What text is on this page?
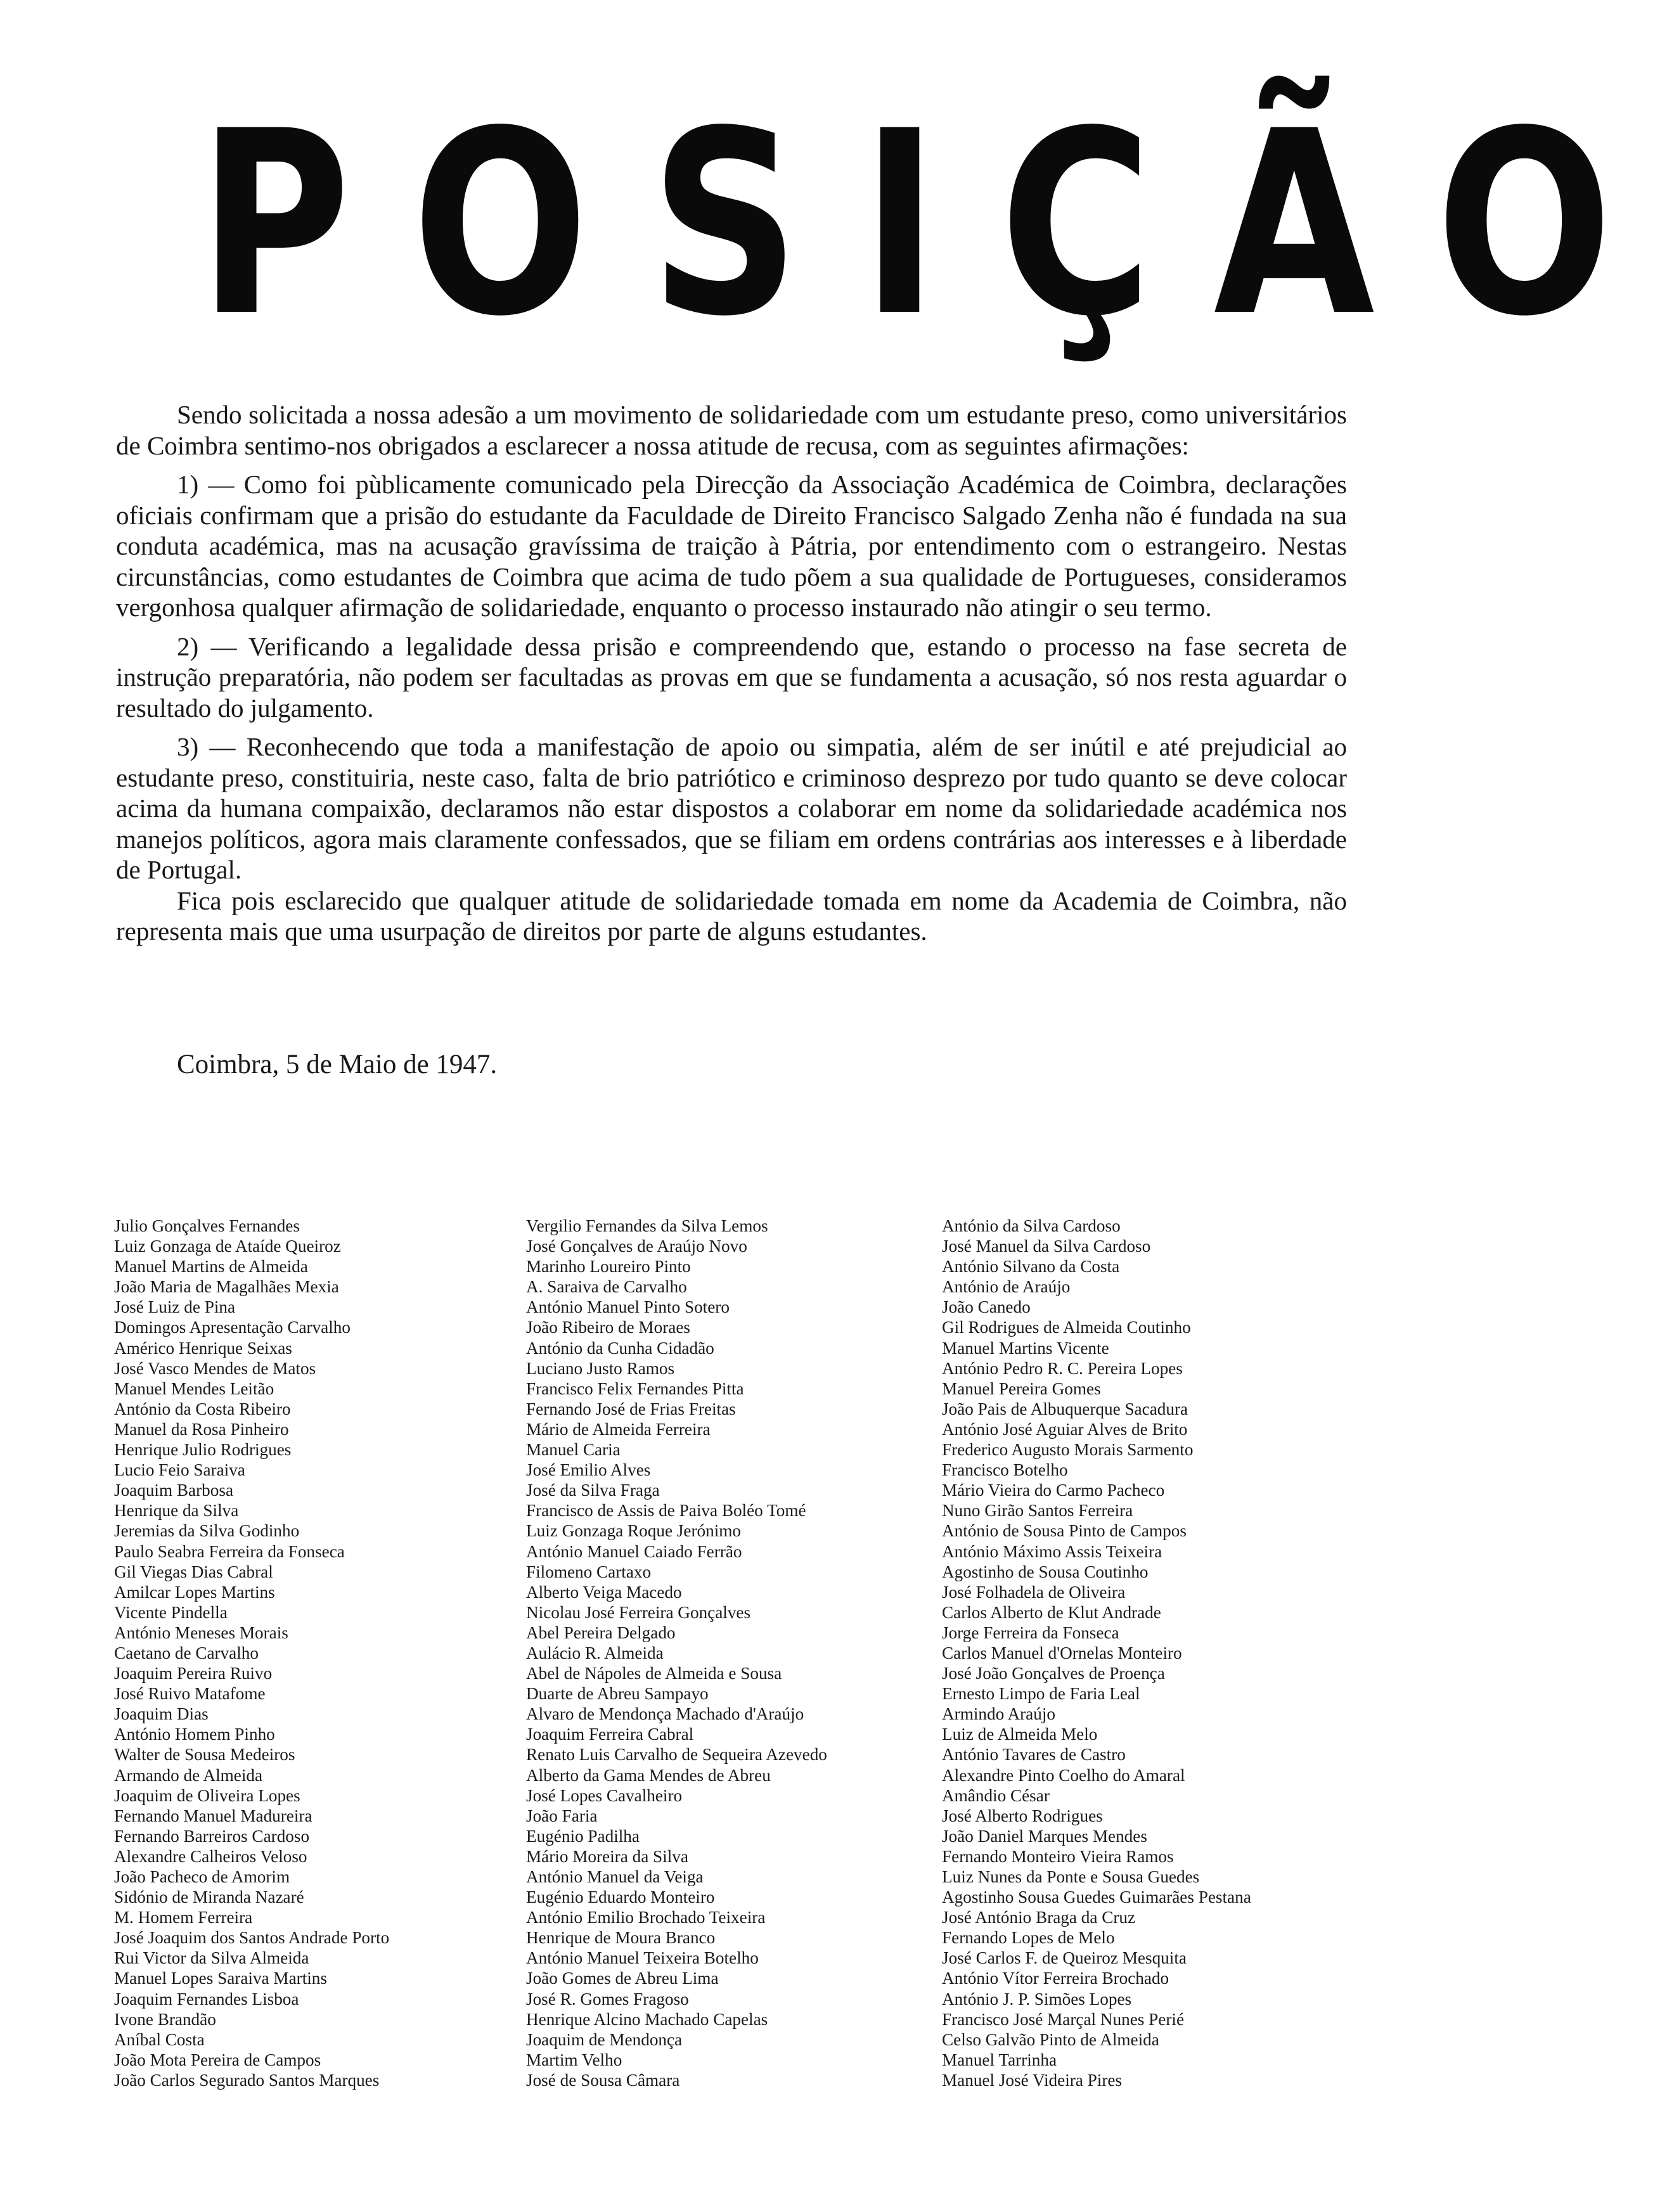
POSIÇÃO

Sendo solicitada a nossa adesão a um movimento de solidariedade com um estudante preso, como universitários de Coimbra sentimo-nos obrigados a esclarecer a nossa atitude de recusa, com as seguintes afirmações:

1) — Como foi pùblicamente comunicado pela Direcção da Associação Académica de Coimbra, declarações oficiais confirmam que a prisão do estudante da Faculdade de Direito Francisco Salgado Zenha não é fundada na sua conduta académica, mas na acusação gravíssima de traição à Pátria, por entendimento com o estrangeiro. Nestas circunstâncias, como estudantes de Coimbra que acima de tudo põem a sua qualidade de Portugueses, consideramos vergonhosa qualquer afirmação de solidariedade, enquanto o processo instaurado não atingir o seu termo.

2) — Verificando a legalidade dessa prisão e compreendendo que, estando o processo na fase secreta de instrução preparatória, não podem ser facultadas as provas em que se fundamenta a acusação, só nos resta aguardar o resultado do julgamento.

3) — Reconhecendo que toda a manifestação de apoio ou simpatia, além de ser inútil e até prejudicial ao estudante preso, constituiria, neste caso, falta de brio patriótico e criminoso desprezo por tudo quanto se deve colocar acima da humana compaixão, declaramos não estar dispostos a colaborar em nome da solidariedade académica nos manejos políticos, agora mais claramente confessados, que se filiam em ordens contrárias aos interesses e à liberdade de Portugal.

Fica pois esclarecido que qualquer atitude de solidariedade tomada em nome da Academia de Coimbra, não representa mais que uma usurpação de direitos por parte de alguns estudantes.

Coimbra, 5 de Maio de 1947.
Julio Gonçalves Fernandes
Luiz Gonzaga de Ataíde Queiroz
Manuel Martins de Almeida
João Maria de Magalhães Mexia
José Luiz de Pina
Domingos Apresentação Carvalho
Américo Henrique Seixas
José Vasco Mendes de Matos
Manuel Mendes Leitão
António da Costa Ribeiro
Manuel da Rosa Pinheiro
Henrique Julio Rodrigues
Lucio Feio Saraiva
Joaquim Barbosa
Henrique da Silva
Jeremias da Silva Godinho
Paulo Seabra Ferreira da Fonseca
Gil Viegas Dias Cabral
Amilcar Lopes Martins
Vicente Pindella
António Meneses Morais
Caetano de Carvalho
Joaquim Pereira Ruivo
José Ruivo Matafome
Joaquim Dias
António Homem Pinho
Walter de Sousa Medeiros
Armando de Almeida
Joaquim de Oliveira Lopes
Fernando Manuel Madureira
Fernando Barreiros Cardoso
Alexandre Calheiros Veloso
João Pacheco de Amorim
Sidónio de Miranda Nazaré
M. Homem Ferreira
José Joaquim dos Santos Andrade Porto
Rui Victor da Silva Almeida
Manuel Lopes Saraiva Martins
Joaquim Fernandes Lisboa
Ivone Brandão
Aníbal Costa
João Mota Pereira de Campos
João Carlos Segurado Santos Marques
Vergilio Fernandes da Silva Lemos
José Gonçalves de Araújo Novo
Marinho Loureiro Pinto
A. Saraiva de Carvalho
António Manuel Pinto Sotero
João Ribeiro de Moraes
António da Cunha Cidadão
Luciano Justo Ramos
Francisco Felix Fernandes Pitta
Fernando José de Frias Freitas
Mário de Almeida Ferreira
Manuel Caria
José Emilio Alves
José da Silva Fraga
Francisco de Assis de Paiva Boléo Tomé
Luiz Gonzaga Roque Jerónimo
António Manuel Caiado Ferrão
Filomeno Cartaxo
Alberto Veiga Macedo
Nicolau José Ferreira Gonçalves
Abel Pereira Delgado
Aulácio R. Almeida
Abel de Nápoles de Almeida e Sousa
Duarte de Abreu Sampayo
Alvaro de Mendonça Machado d'Araújo
Joaquim Ferreira Cabral
Renato Luis Carvalho de Sequeira Azevedo
Alberto da Gama Mendes de Abreu
José Lopes Cavalheiro
João Faria
Eugénio Padilha
Mário Moreira da Silva
António Manuel da Veiga
Eugénio Eduardo Monteiro
António Emilio Brochado Teixeira
Henrique de Moura Branco
António Manuel Teixeira Botelho
João Gomes de Abreu Lima
José R. Gomes Fragoso
Henrique Alcino Machado Capelas
Joaquim de Mendonça
Martim Velho
José de Sousa Câmara
António da Silva Cardoso
José Manuel da Silva Cardoso
António Silvano da Costa
António de Araújo
João Canedo
Gil Rodrigues de Almeida Coutinho
Manuel Martins Vicente
António Pedro R. C. Pereira Lopes
Manuel Pereira Gomes
João Pais de Albuquerque Sacadura
António José Aguiar Alves de Brito
Frederico Augusto Morais Sarmento
Francisco Botelho
Mário Vieira do Carmo Pacheco
Nuno Girão Santos Ferreira
António de Sousa Pinto de Campos
António Máximo Assis Teixeira
Agostinho de Sousa Coutinho
José Folhadela de Oliveira
Carlos Alberto de Klut Andrade
Jorge Ferreira da Fonseca
Carlos Manuel d'Ornelas Monteiro
José João Gonçalves de Proença
Ernesto Limpo de Faria Leal
Armindo Araújo
Luiz de Almeida Melo
António Tavares de Castro
Alexandre Pinto Coelho do Amaral
Amândio César
José Alberto Rodrigues
João Daniel Marques Mendes
Fernando Monteiro Vieira Ramos
Luiz Nunes da Ponte e Sousa Guedes
Agostinho Sousa Guedes Guimarães Pestana
José António Braga da Cruz
Fernando Lopes de Melo
José Carlos F. de Queiroz Mesquita
António Vítor Ferreira Brochado
António J. P. Simões Lopes
Francisco José Marçal Nunes Perié
Celso Galvão Pinto de Almeida
Manuel Tarrinha
Manuel José Videira Pires
